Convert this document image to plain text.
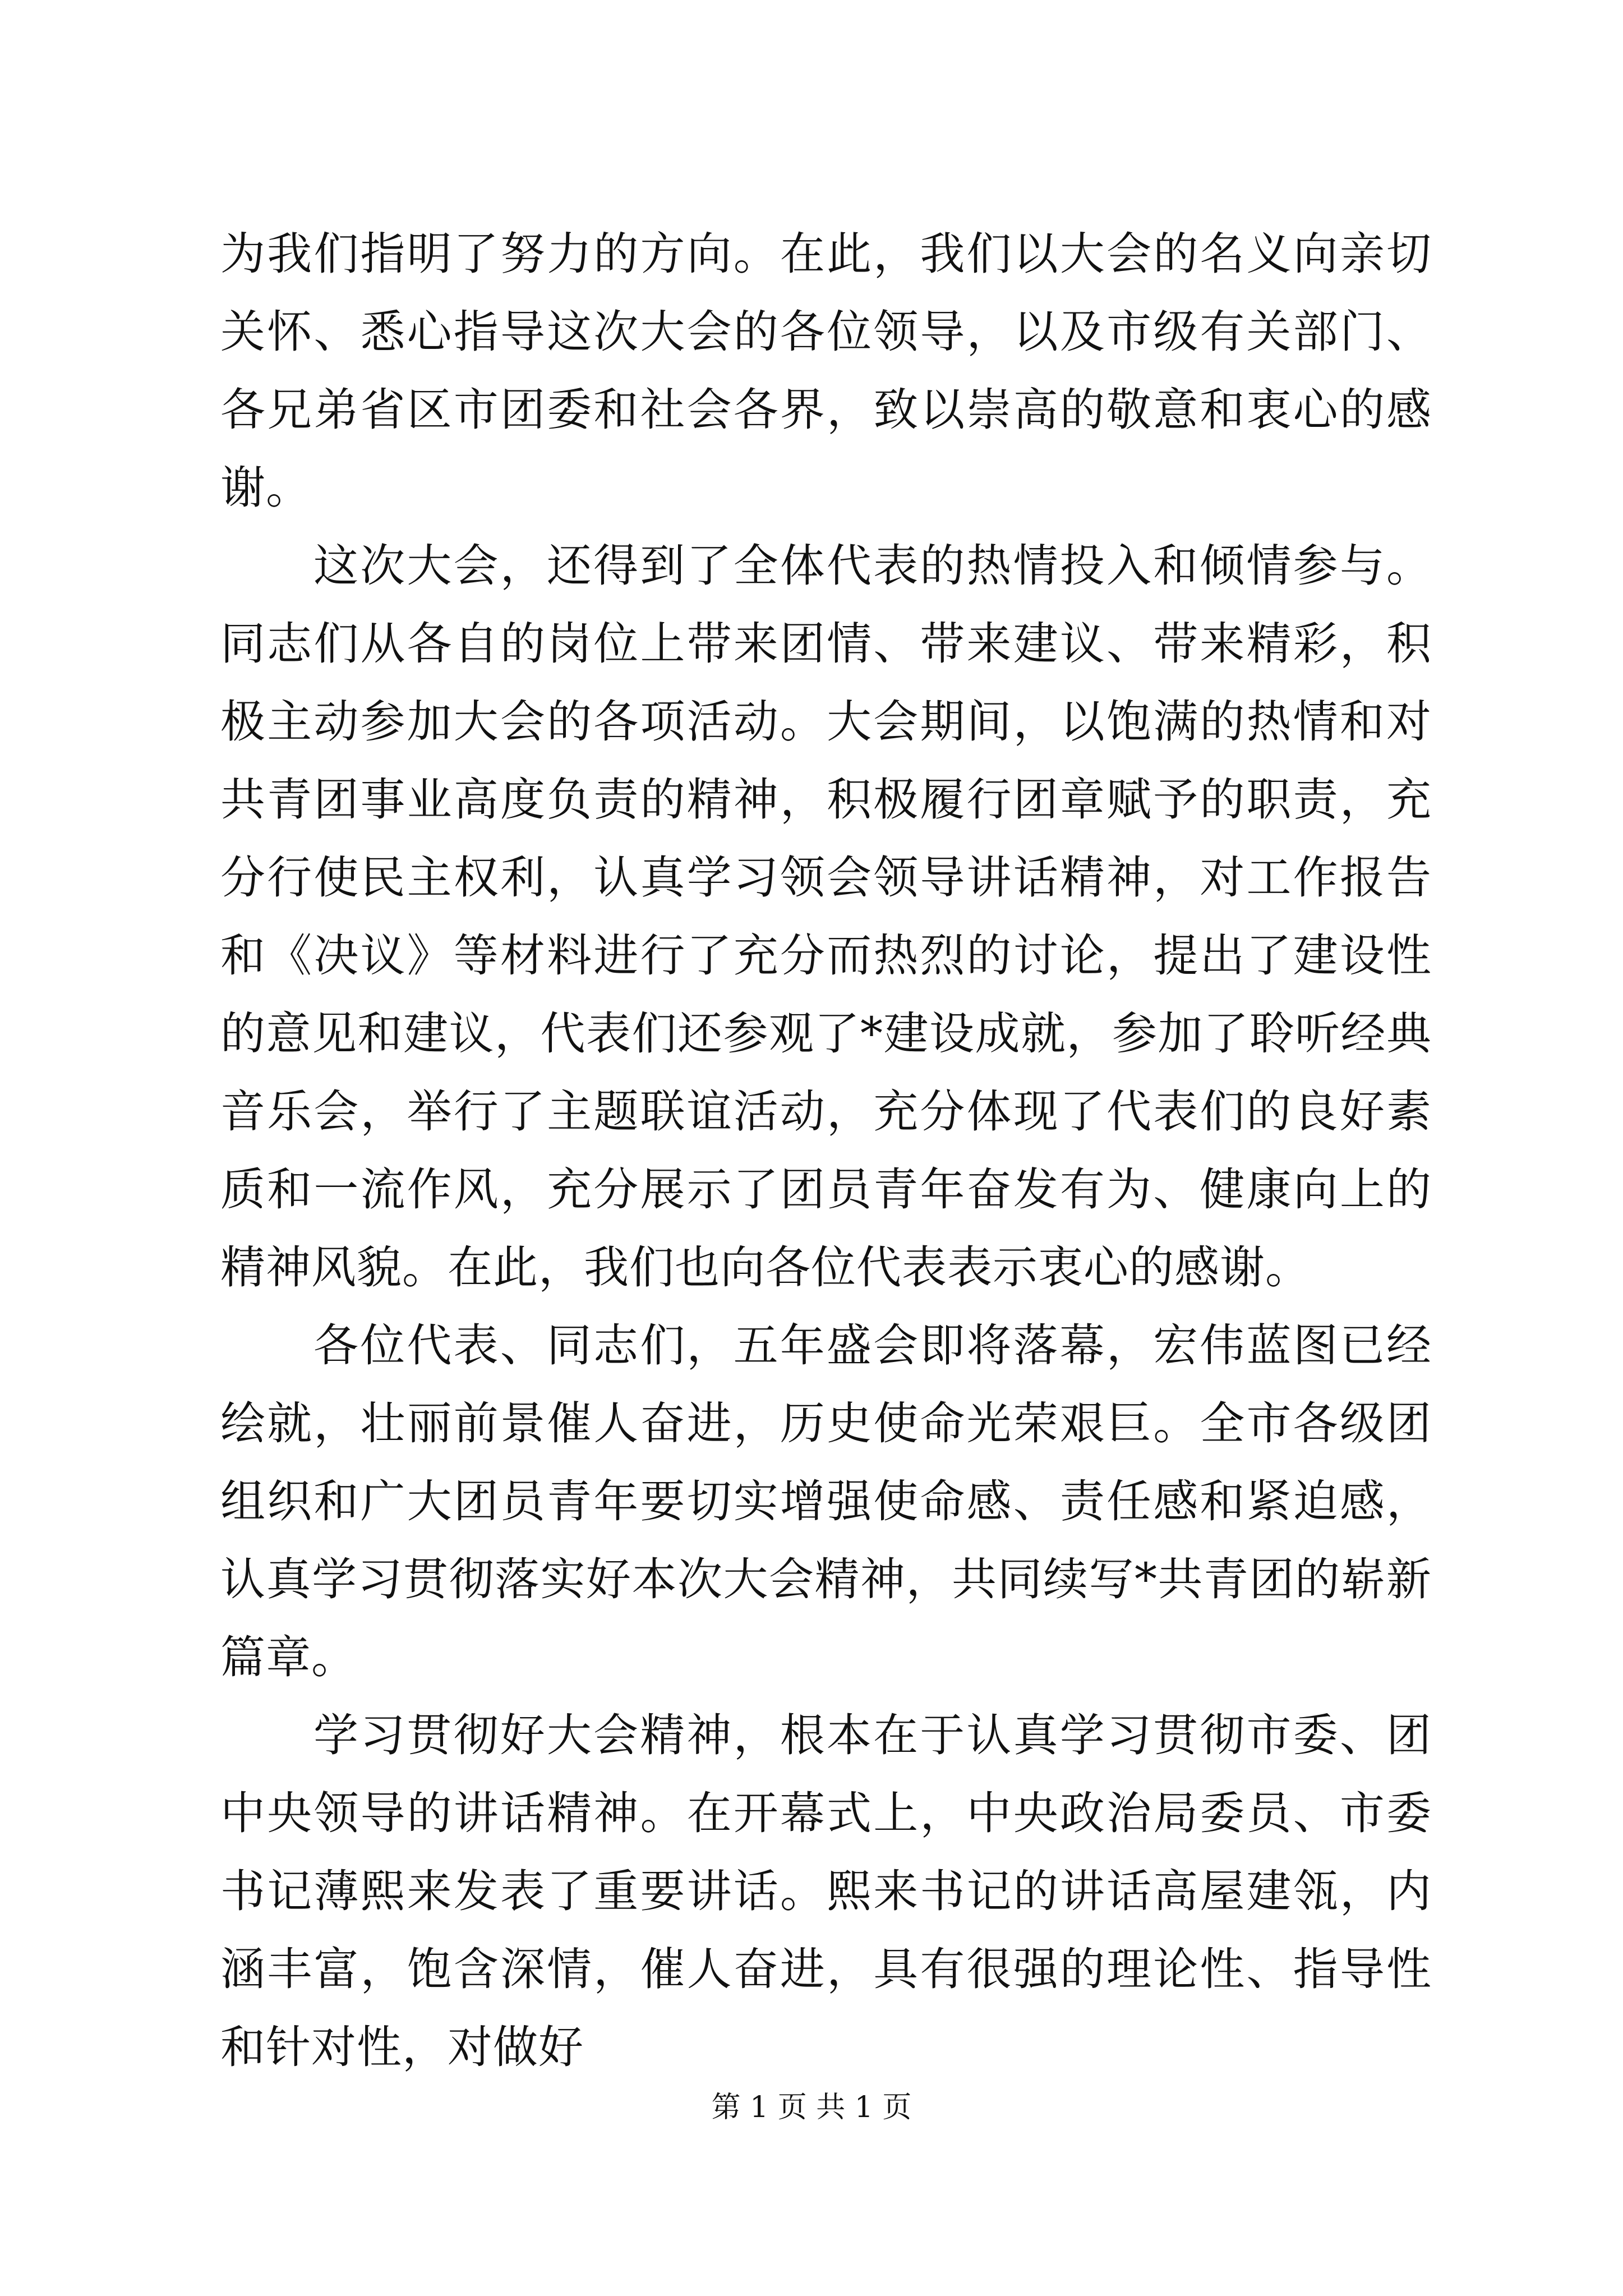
为我们指明了努力的方向。在此，我们以大会的名义向亲切关怀、悉心指导这次大会的各位领导，以及市级有关部门、各兄弟省区市团委和社会各界，致以崇高的敬意和衷心的感谢。

这次大会，还得到了全体代表的热情投入和倾情参与。同志们从各自的岗位上带来团情、带来建议、带来精彩，积极主动参加大会的各项活动。大会期间，以饱满的热情和对共青团事业高度负责的精神，积极履行团章赋予的职责，充分行使民主权利，认真学习领会领导讲话精神，对工作报告和《决议》等材料进行了充分而热烈的讨论，提出了建设性的意见和建议，代表们还参观了*建设成就，参加了聆听经典音乐会，举行了主题联谊活动，充分体现了代表们的良好素质和一流作风，充分展示了团员青年奋发有为、健康向上的精神风貌。在此，我们也向各位代表表示衷心的感谢。

各位代表、同志们，五年盛会即将落幕，宏伟蓝图已经绘就，壮丽前景催人奋进，历史使命光荣艰巨。全市各级团组织和广大团员青年要切实增强使命感、责任感和紧迫感，认真学习贯彻落实好本次大会精神，共同续写*共青团的崭新篇章。

学习贯彻好大会精神，根本在于认真学习贯彻市委、团中央领导的讲话精神。在开幕式上，中央政治局委员、市委书记薄熙来发表了重要讲话。熙来书记的讲话高屋建瓴，内涵丰富，饱含深情，催人奋进，具有很强的理论性、指导性和针对性，对做好

第 1 页 共 1 页
